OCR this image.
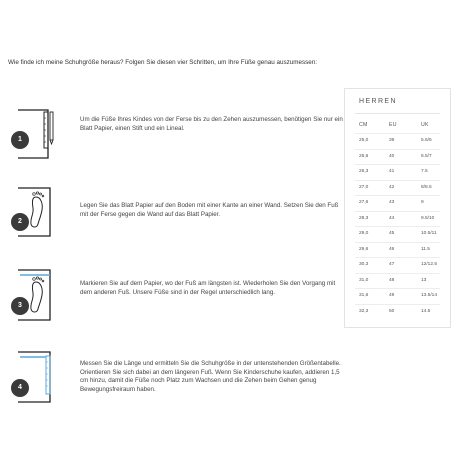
Wie finde ich meine Schuhgröße heraus? Folgen Sie diesen vier Schritten, um Ihre Füße genau auszumessen:
Um die Füße Ihres Kindes von der Ferse bis zu den Zehen auszumessen, benötigen Sie nur ein Blatt Papier, einen Stift und ein Lineal.
1
Legen Sie das Blatt Papier auf den Boden mit einer Kante an einer Wand. Setzen Sie den Fuß mit der Ferse gegen die Wand auf das Blatt Papier.
2
Markieren Sie auf dem Papier, wo der Fuß am längsten ist. Wiederholen Sie den Vorgang mit dem anderen Fuß. Unsere Füße sind in der Regel unterschiedlich lang.
3
Messen Sie die Länge und ermitteln Sie die Schuhgröße in der untenstehenden Größentabelle. Orientieren Sie sich dabei an dem längeren Fuß. Wenn Sie Kinderschuhe kaufen, addieren 1,5 cm hinzu, damit die Füße noch Platz zum Wachsen und die Zehen beim Gehen genug Bewegungsfreiraum haben.
4
HERREN
CM	EU	UK
25,0	39	5.5/6
25,6	40	6.5/7
26,3	41	7.5
27,0	42	8/8.5
27,6	43	9
28,3	44	9.5/10
29,0	45	10.5/11
29,6	46	11.5
30,3	47	12/12.5
31,0	48	13
31,6	49	13.5/14
32,3	50	14.5
